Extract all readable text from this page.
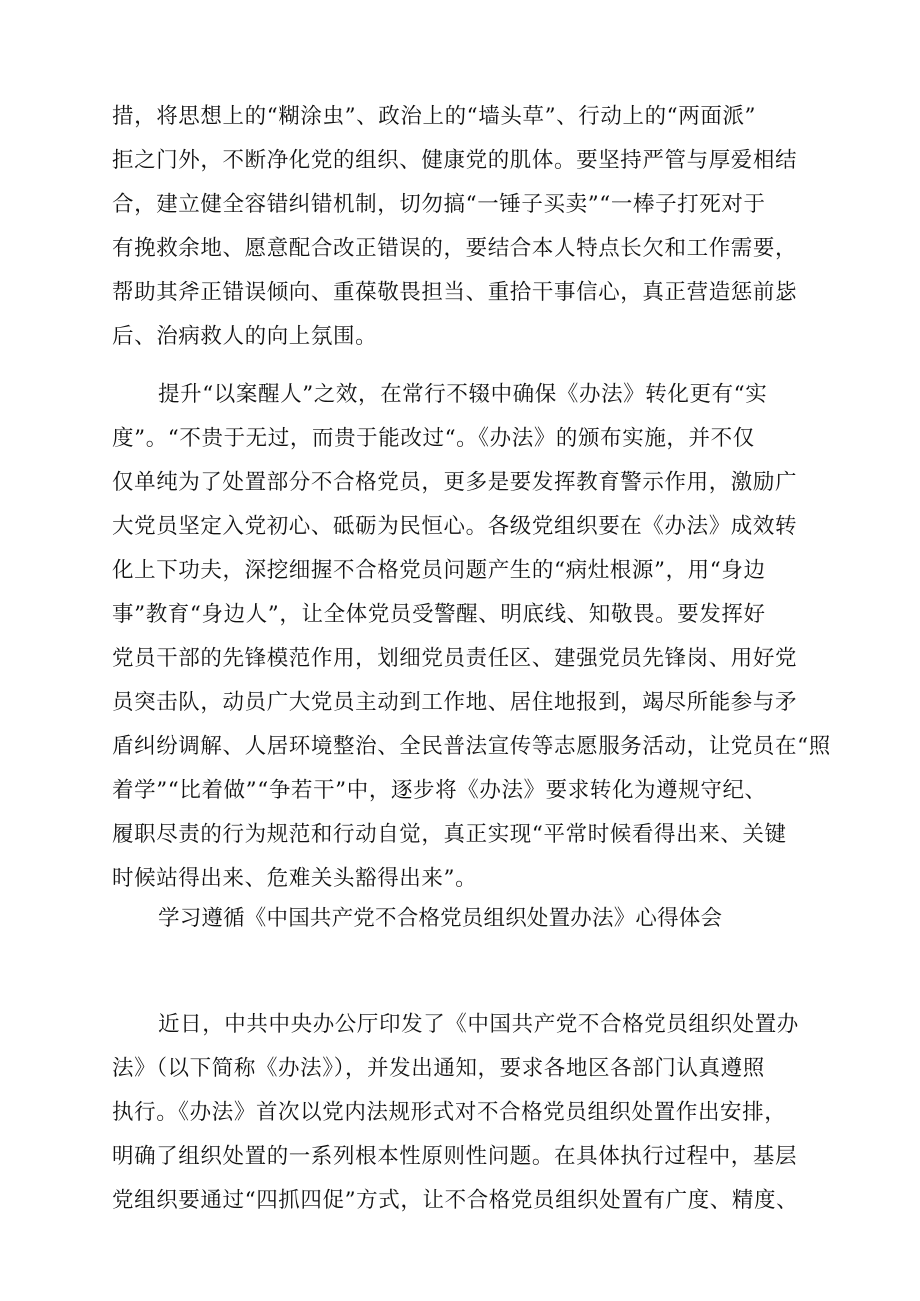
措，将思想上的“糊涂虫”、政治上的“墙头草”、行动上的“两面派”
拒之门外，不断净化党的组织、健康党的肌体。要坚持严管与厚爱相结
合，建立健全容错纠错机制，切勿搞“一锤子买卖”“一棒子打死对于
有挽救余地、愿意配合改正错误的，要结合本人特点长欠和工作需要，
帮助其斧正错误倾向、重葆敬畏担当、重拾干事信心，真正营造惩前毖
后、治病救人的向上氛围。
提升“以案醒人”之效，在常行不辍中确保《办法》转化更有“实
度”。“不贵于无过，而贵于能改过“。《办法》的颁布实施，并不仅
仅单纯为了处置部分不合格党员，更多是要发挥教育警示作用，激励广
大党员坚定入党初心、砥砺为民恒心。各级党组织要在《办法》成效转
化上下功夫，深挖细握不合格党员问题产生的“病灶根源”，用“身边
事”教育“身边人”，让全体党员受警醒、明底线、知敬畏。要发挥好
党员干部的先锋模范作用，划细党员责任区、建强党员先锋岗、用好党
员突击队，动员广大党员主动到工作地、居住地报到，竭尽所能参与矛
盾纠纷调解、人居环境整治、全民普法宣传等志愿服务活动，让党员在“照
着学”“比着做”“争若干”中，逐步将《办法》要求转化为遵规守纪、
履职尽责的行为规范和行动自觉，真正实现“平常时候看得出来、关键
时候站得出来、危难关头豁得出来”。
学习遵循《中国共产党不合格党员组织处置办法》心得体会
近日，中共中央办公厅印发了《中国共产党不合格党员组织处置办
法》（以下简称《办法》），并发出通知，要求各地区各部门认真遵照
执行。《办法》首次以党内法规形式对不合格党员组织处置作出安排，
明确了组织处置的一系列根本性原则性问题。在具体执行过程中，基层
党组织要通过“四抓四促”方式，让不合格党员组织处置有广度、精度、
